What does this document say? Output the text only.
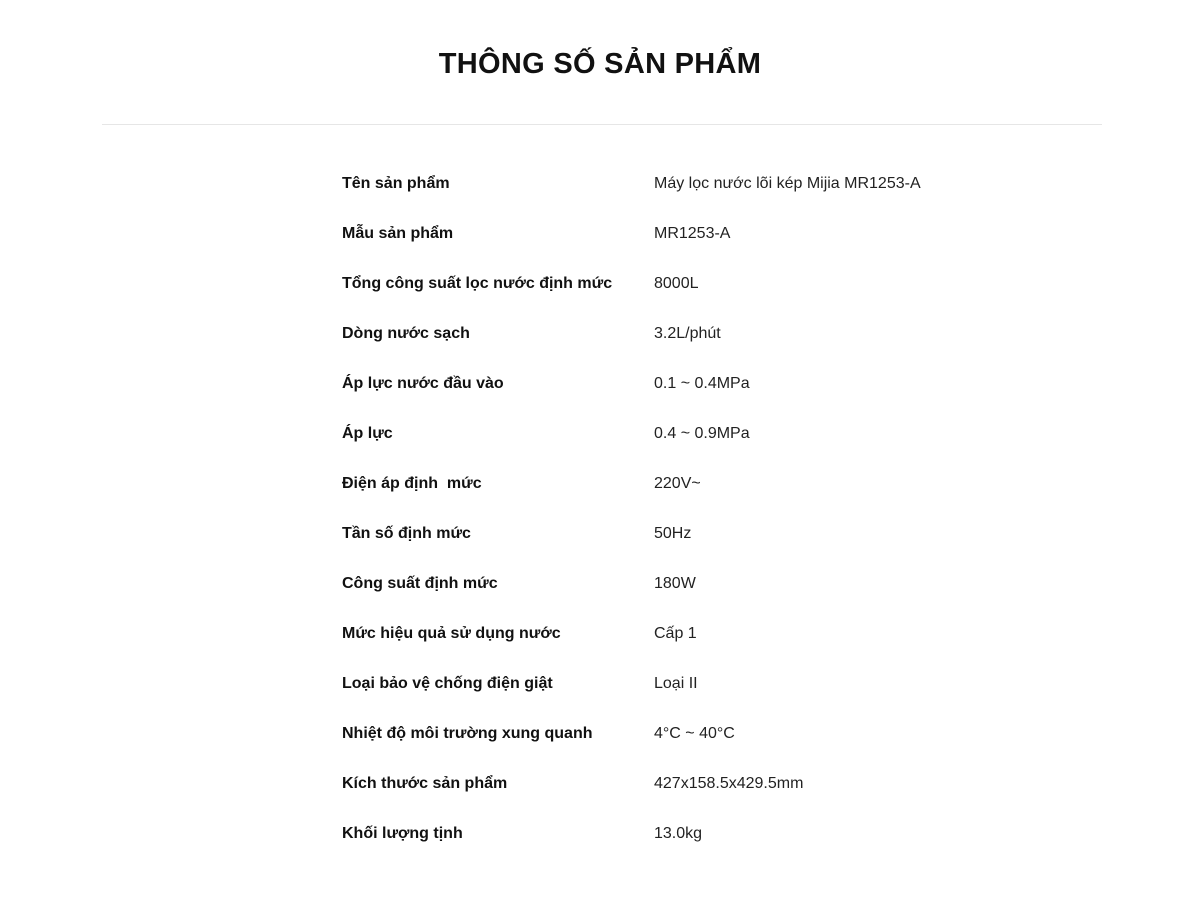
THÔNG SỐ SẢN PHẨM
Tên sản phẩm	Máy lọc nước lõi kép Mijia MR1253-A
Mẫu sản phẩm	MR1253-A
Tổng công suất lọc nước định mức	8000L
Dòng nước sạch	3.2L/phút
Áp lực nước đầu vào	0.1 ~ 0.4MPa
Áp lực	0.4 ~ 0.9MPa
Điện áp định  mức	220V~
Tần số định mức	50Hz
Công suất định mức	180W
Mức hiệu quả sử dụng nước	Cấp 1
Loại bảo vệ chống điện giật	Loại II
Nhiệt độ môi trường xung quanh	4°C ~ 40°C
Kích thước sản phẩm	427x158.5x429.5mm
Khối lượng tịnh	13.0kg
